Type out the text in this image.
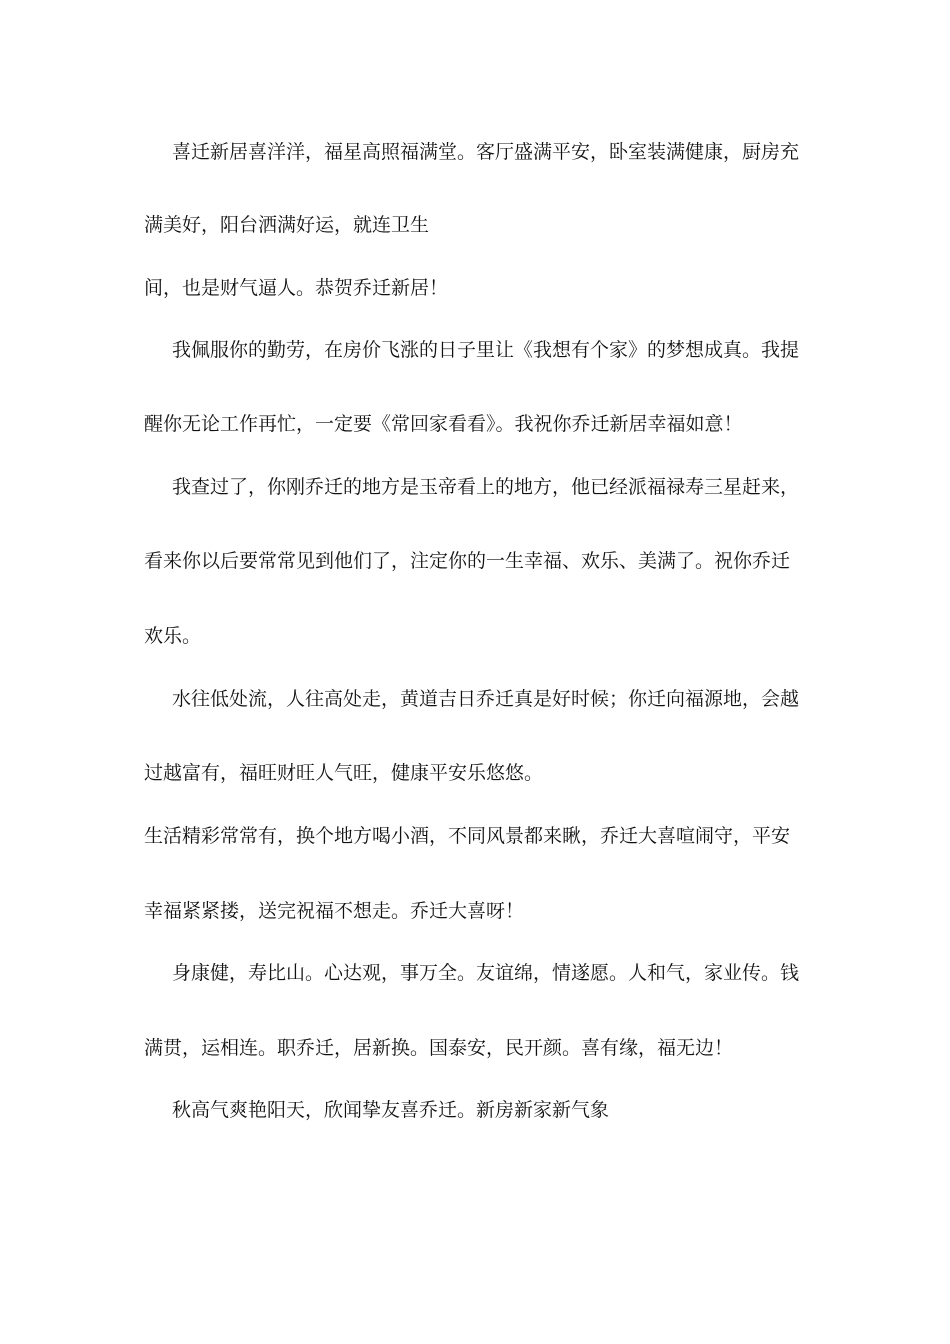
喜迁新居喜洋洋，福星高照福满堂。客厅盛满平安，卧室装满健康，厨房充
满美好，阳台洒满好运，就连卫生
间，也是财气逼人。恭贺乔迁新居！
我佩服你的勤劳，在房价飞涨的日子里让《我想有个家》的梦想成真。我提
醒你无论工作再忙，一定要《常回家看看》。我祝你乔迁新居幸福如意！
我查过了，你刚乔迁的地方是玉帝看上的地方，他已经派福禄寿三星赶来，
看来你以后要常常见到他们了，注定你的一生幸福、欢乐、美满了。祝你乔迁
欢乐。
水往低处流，人往高处走，黄道吉日乔迁真是好时候；你迁向福源地，会越
过越富有，福旺财旺人气旺，健康平安乐悠悠。
生活精彩常常有，换个地方喝小酒，不同风景都来瞅，乔迁大喜喧闹守，平安
幸福紧紧搂，送完祝福不想走。乔迁大喜呀！
身康健，寿比山。心达观，事万全。友谊绵，情遂愿。人和气，家业传。钱
满贯，运相连。职乔迁，居新换。国泰安，民开颜。喜有缘，福无边！
秋高气爽艳阳天，欣闻挚友喜乔迁。新房新家新气象
